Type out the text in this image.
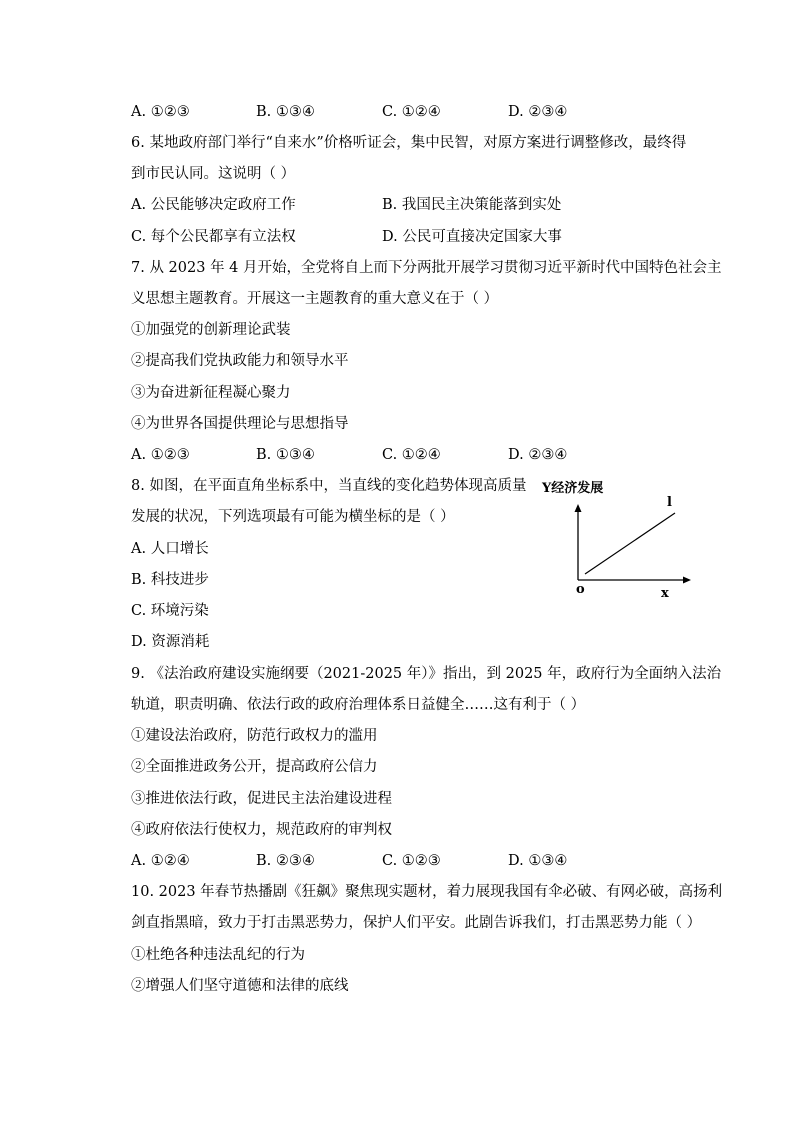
A. ①②③	B. ①③④	C. ①②④	D. ②③④
6. 某地政府部门举行“自来水”价格听证会，集中民智，对原方案进行调整修改，最终得
到市民认同。这说明（ ）
A. 公民能够决定政府工作	B. 我国民主决策能落到实处
C. 每个公民都享有立法权	D. 公民可直接决定国家大事
7. 从 2023 年 4 月开始，全党将自上而下分两批开展学习贯彻习近平新时代中国特色社会主
义思想主题教育。开展这一主题教育的重大意义在于（ ）
①加强党的创新理论武装
②提高我们党执政能力和领导水平
③为奋进新征程凝心聚力
④为世界各国提供理论与思想指导
A. ①②③	B. ①③④	C. ①②④	D. ②③④
8. 如图，在平面直角坐标系中，当直线的变化趋势体现高质量
发展的状况，下列选项最有可能为横坐标的是（ ）
A. 人口增长
B. 科技进步
C. 环境污染
D. 资源消耗
Y经济发展
l
o	x
9. 《法治政府建设实施纲要（2021-2025 年）》指出，到 2025 年，政府行为全面纳入法治
轨道，职责明确、依法行政的政府治理体系日益健全……这有利于（ ）
①建设法治政府，防范行政权力的滥用
②全面推进政务公开，提高政府公信力
③推进依法行政，促进民主法治建设进程
④政府依法行使权力，规范政府的审判权
A. ①②④	B. ②③④	C. ①②③	D. ①③④
10. 2023 年春节热播剧《狂飙》聚焦现实题材，着力展现我国有伞必破、有网必破，高扬利
剑直指黑暗，致力于打击黑恶势力，保护人们平安。此剧告诉我们，打击黑恶势力能（ ）
①杜绝各种违法乱纪的行为
②增强人们坚守道德和法律的底线
